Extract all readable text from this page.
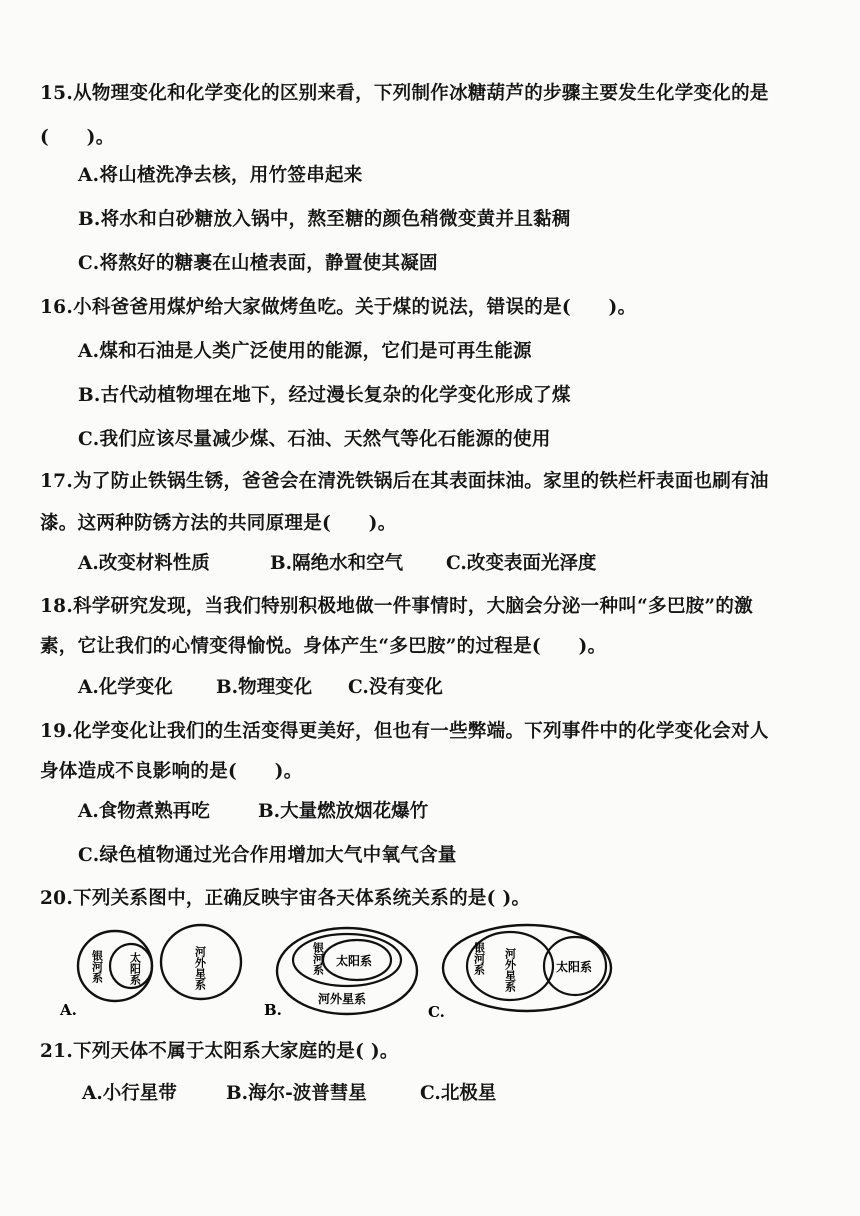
15.从物理变化和化学变化的区别来看，下列制作冰糖葫芦的步骤主要发生化学变化的是
(　　)。
A.将山楂洗净去核，用竹签串起来
B.将水和白砂糖放入锅中，熬至糖的颜色稍微变黄并且黏稠
C.将熬好的糖裹在山楂表面，静置使其凝固
16.小科爸爸用煤炉给大家做烤鱼吃。关于煤的说法，错误的是(　　)。
A.煤和石油是人类广泛使用的能源，它们是可再生能源
B.古代动植物埋在地下，经过漫长复杂的化学变化形成了煤
C.我们应该尽量减少煤、石油、天然气等化石能源的使用
17.为了防止铁锅生锈，爸爸会在清洗铁锅后在其表面抹油。家里的铁栏杆表面也刷有油
漆。这两种防锈方法的共同原理是(　　)。
A.改变材料性质	B.隔绝水和空气 C.改变表面光泽度
18.科学研究发现，当我们特别积极地做一件事情时，大脑会分泌一种叫“多巴胺”的激
素，它让我们的心情变得愉悦。身体产生“多巴胺”的过程是(　　)。
A.化学变化 B.物理变化 C.没有变化
19.化学变化让我们的生活变得更美好，但也有一些弊端。下列事件中的化学变化会对人
身体造成不良影响的是(　　)。
A.食物煮熟再吃	B.大量燃放烟花爆竹
C.绿色植物通过光合作用增加大气中氧气含量
20.下列关系图中，正确反映宇宙各天体系统关系的是( )。
银河系 太阳系	河外星系
A.
银河系 太阳系
河外星系
B.
银河系 河外星系	太阳系
C.
21.下列天体不属于太阳系大家庭的是( )。
A.小行星带	B.海尔-波普彗星	C.北极星
